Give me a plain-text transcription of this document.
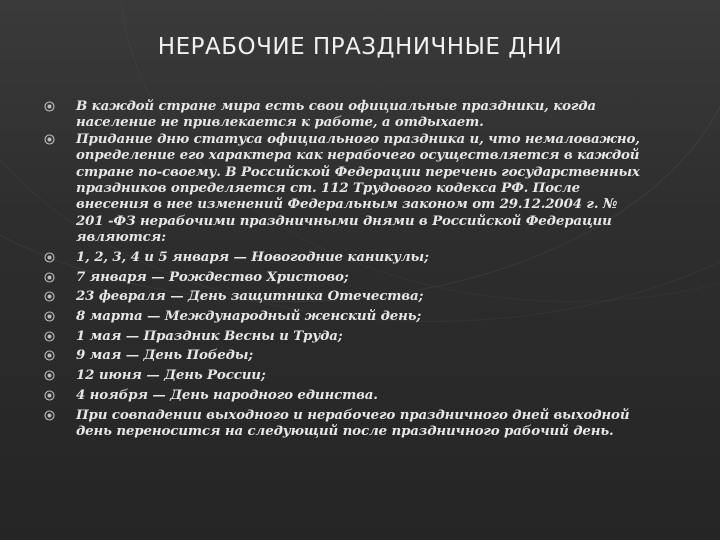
НЕРАБОЧИЕ ПРАЗДНИЧНЫЕ ДНИ
В каждой стране мира есть свои официальные праздники, когда население не привлекается к работе, а отдыхает.
Придание дню статуса официального праздника и, что немаловажно, определение его характера как нерабочего осуществляется в каждой стране по-своему. В Российской Федерации перечень государственных праздников определяется ст. 112 Трудового кодекса РФ. После внесения в нее изменений Федеральным законом от 29.12.2004 г. № 201 -ФЗ нерабочими праздничными днями в Российской Федерации являются:
1, 2, 3, 4 и 5 января — Новогодние каникулы;
7 января — Рождество Христово;
23 февраля — День защитника Отечества;
8 марта — Международный женский день;
1 мая — Праздник Весны и Труда;
9 мая — День Победы;
12 июня — День России;
4 ноября — День народного единства.
При совпадении выходного и нерабочего праздничного дней выходной день переносится на следующий после праздничного рабочий день.
